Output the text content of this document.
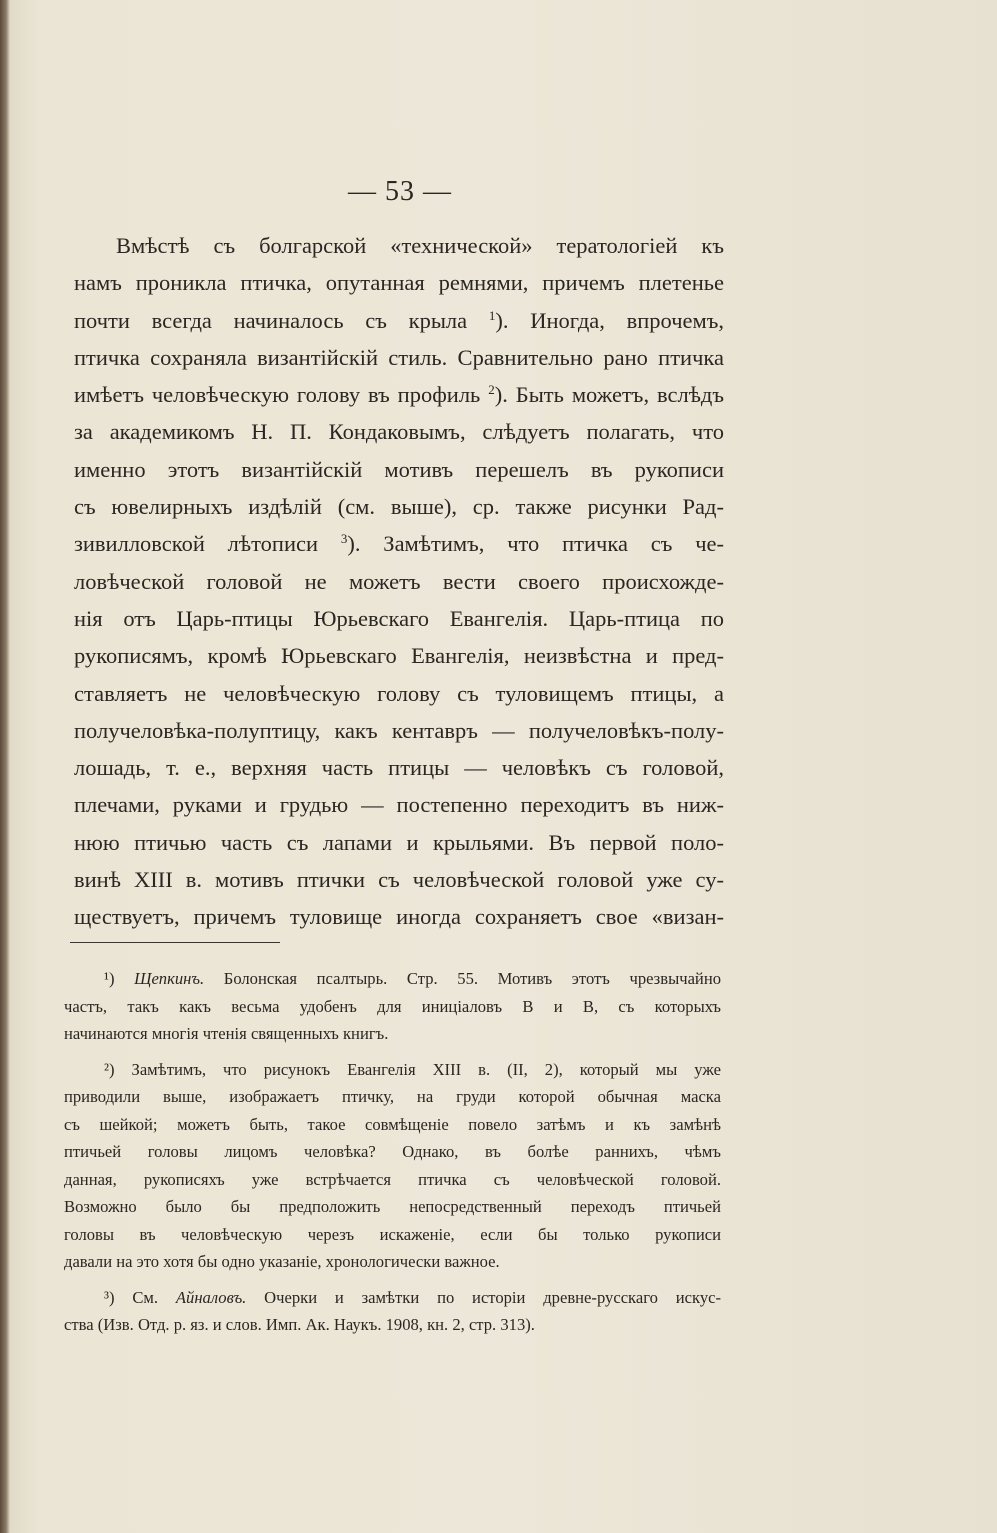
— 53 —
Вмѣстѣ съ болгарской «технической» тератологіей къ
намъ проникла птичка, опутанная ремнями, причемъ плетенье
почти всегда начиналось съ крыла $^1$). Иногда, впрочемъ,
птичка сохраняла византійскій стиль. Сравнительно рано птичка
имѣетъ человѣческую голову въ профиль $^2$). Быть можетъ, вслѣдъ
за академикомъ Н. П. Кондаковымъ, слѣдуетъ полагать, что
именно этотъ византійскій мотивъ перешелъ въ рукописи
съ ювелирныхъ издѣлій (см. выше), ср. также рисунки Рад-
зивилловской лѣтописи $^3$). Замѣтимъ, что птичка съ че-
ловѣческой головой не можетъ вести своего происхожде-
нія отъ Царь-птицы Юрьевскаго Евангелія. Царь-птица по
рукописямъ, кромѣ Юрьевскаго Евангелія, неизвѣстна и пред-
ставляетъ не человѣческую голову съ туловищемъ птицы, а
получеловѣка-полуптицу, какъ кентавръ — получеловѣкъ-полу-
лошадь, т. е., верхняя часть птицы — человѣкъ съ головой,
плечами, руками и грудью — постепенно переходитъ въ ниж-
нюю птичью часть съ лапами и крыльями. Въ первой поло-
винѣ XIII в. мотивъ птички съ человѣческой головой уже су-
ществуетъ, причемъ туловище иногда сохраняетъ свое «визан-
¹) Щепкинъ. Болонская псалтырь. Стр. 55. Мотивъ этотъ чрезвычайно
частъ, такъ какъ весьма удобенъ для иницiаловъ В и В, съ которыхъ
начинаются многія чтенія священныхъ книгъ.
²) Замѣтимъ, что рисунокъ Евангелія XIII в. (II, 2), который мы уже
приводили выше, изображаетъ птичку, на груди которой обычная маска
съ шейкой; можетъ быть, такое совмѣщеніе повело затѣмъ и къ замѣнѣ
птичьей головы лицомъ человѣка? Однако, въ болѣе раннихъ, чѣмъ
данная, рукописяхъ уже встрѣчается птичка съ человѣческой головой.
Возможно было бы предположить непосредственный переходъ птичьей
головы въ человѣческую черезъ искаженіе, если бы только рукописи
давали на это хотя бы одно указаніе, хронологически важное.
³) См. Айналовъ. Очерки и замѣтки по исторіи древне-русскаго искус-
ства (Изв. Отд. р. яз. и слов. Имп. Ак. Наукъ. 1908, кн. 2, стр. 313).
